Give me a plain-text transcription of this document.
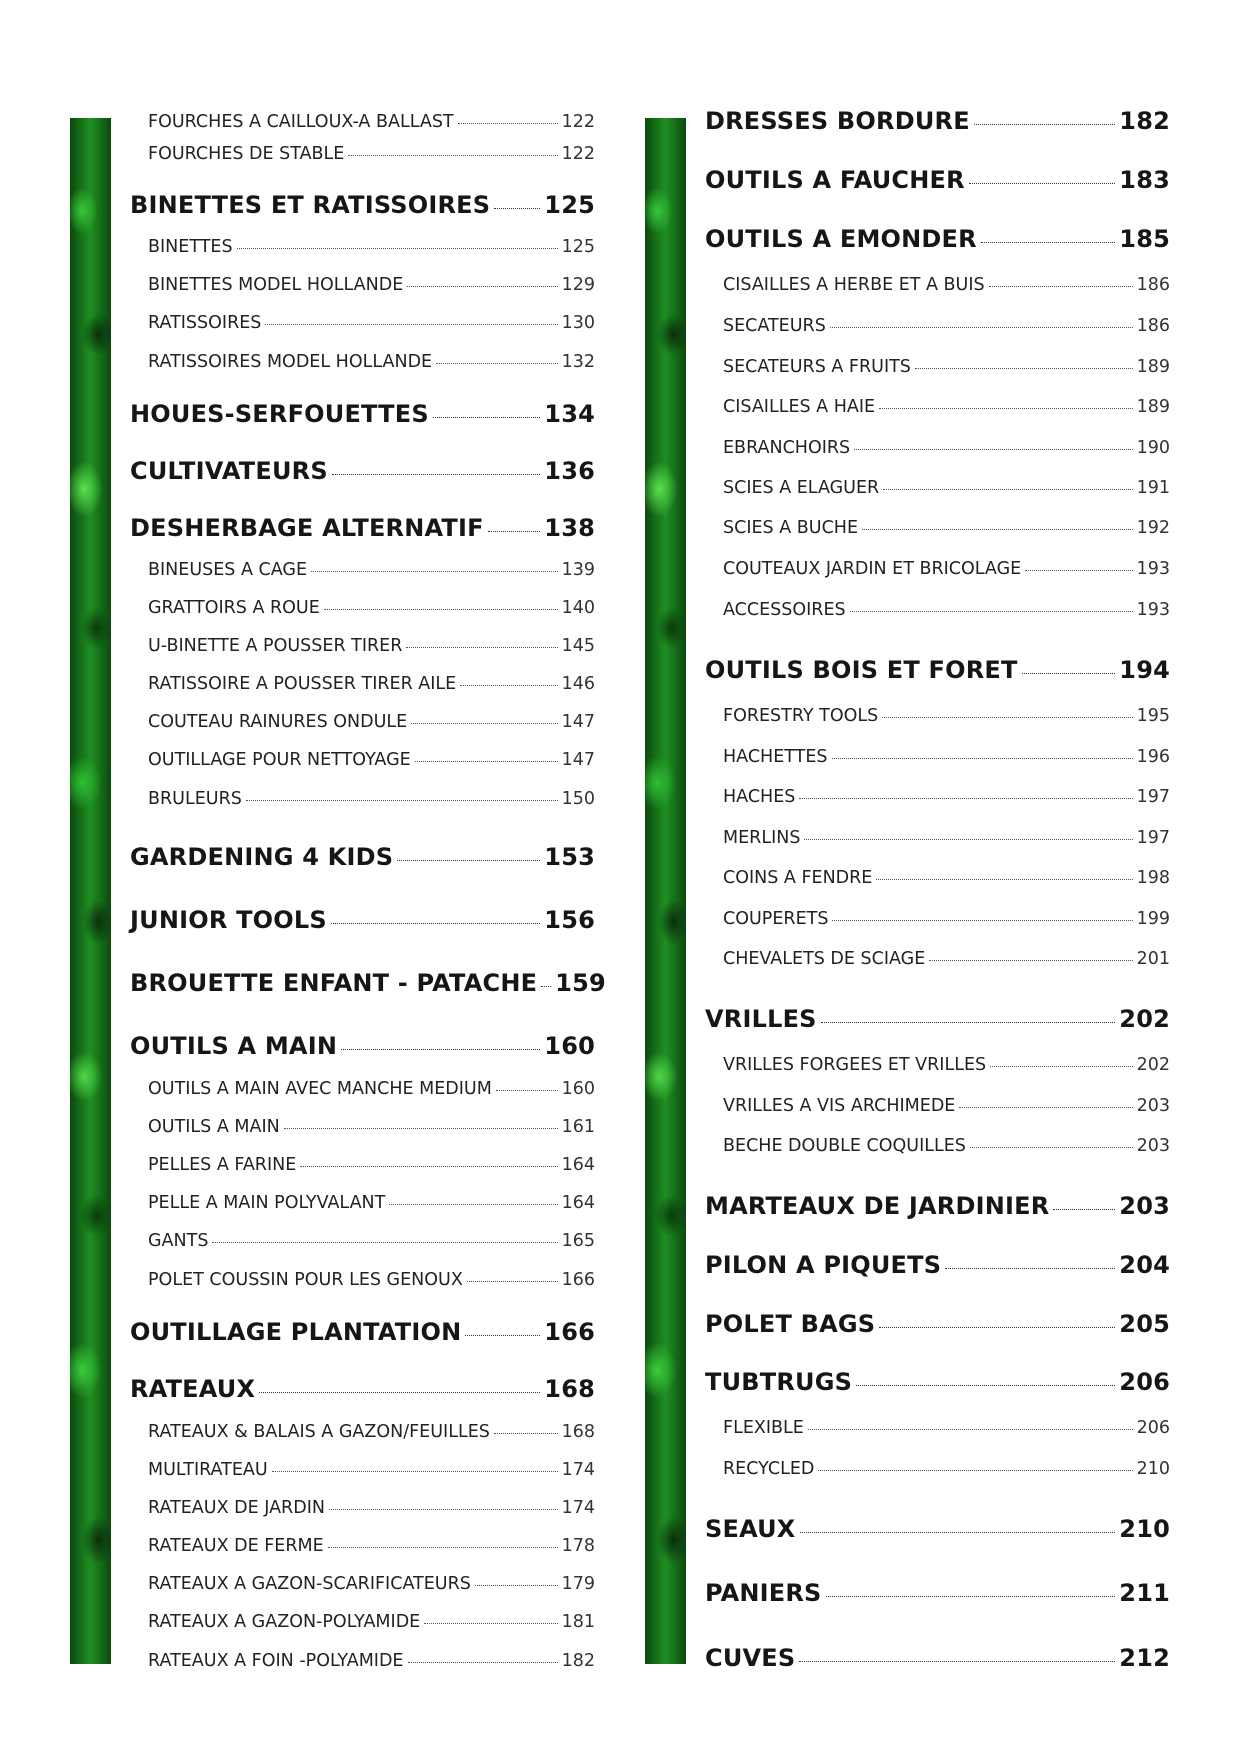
FOURCHES A CAILLOUX-A BALLAST	122
FOURCHES DE STABLE	122
BINETTES ET RATISSOIRES 125
BINETTES	125
BINETTES MODEL HOLLANDE	129
RATISSOIRES	130
RATISSOIRES MODEL HOLLANDE	132
HOUES-SERFOUETTES	134
CULTIVATEURS	136
DESHERBAGE ALTERNATIF	138
BINEUSES A CAGE	139
GRATTOIRS A ROUE	140
U-BINETTE A POUSSER TIRER	145
RATISSOIRE A POUSSER TIRER AILE	146
COUTEAU RAINURES ONDULE	147
OUTILLAGE POUR NETTOYAGE	147
BRULEURS	150
GARDENING 4 KIDS	153
JUNIOR TOOLS	156
BROUETTE ENFANT - PATACHE 159
OUTILS A MAIN	160
OUTILS A MAIN AVEC MANCHE MEDIUM	160
OUTILS A MAIN	161
PELLES A FARINE	164
PELLE A MAIN POLYVALANT	164
GANTS	165
POLET COUSSIN POUR LES GENOUX	166
OUTILLAGE PLANTATION	166
RATEAUX	168
RATEAUX & BALAIS A GAZON/FEUILLES	168
MULTIRATEAU	174
RATEAUX DE JARDIN	174
RATEAUX DE FERME	178
RATEAUX A GAZON-SCARIFICATEURS	179
RATEAUX A GAZON-POLYAMIDE	181
RATEAUX A FOIN -POLYAMIDE	182
DRESSES BORDURE	182
OUTILS A FAUCHER	183
OUTILS A EMONDER	185
CISAILLES A HERBE ET A BUIS	186
SECATEURS	186
SECATEURS A FRUITS	189
CISAILLES A HAIE	189
EBRANCHOIRS	190
SCIES A ELAGUER	191
SCIES A BUCHE	192
COUTEAUX JARDIN ET BRICOLAGE	193
ACCESSOIRES	193
OUTILS BOIS ET FORET	194
FORESTRY TOOLS	195
HACHETTES	196
HACHES	197
MERLINS	197
COINS A FENDRE	198
COUPERETS	199
CHEVALETS DE SCIAGE	201
VRILLES	202
VRILLES FORGEES ET VRILLES	202
VRILLES A VIS ARCHIMEDE	203
BECHE DOUBLE COQUILLES	203
MARTEAUX DE JARDINIER	203
PILON A PIQUETS	204
POLET BAGS	205
TUBTRUGS	206
FLEXIBLE	206
RECYCLED	210
SEAUX	210
PANIERS	211
CUVES	212
